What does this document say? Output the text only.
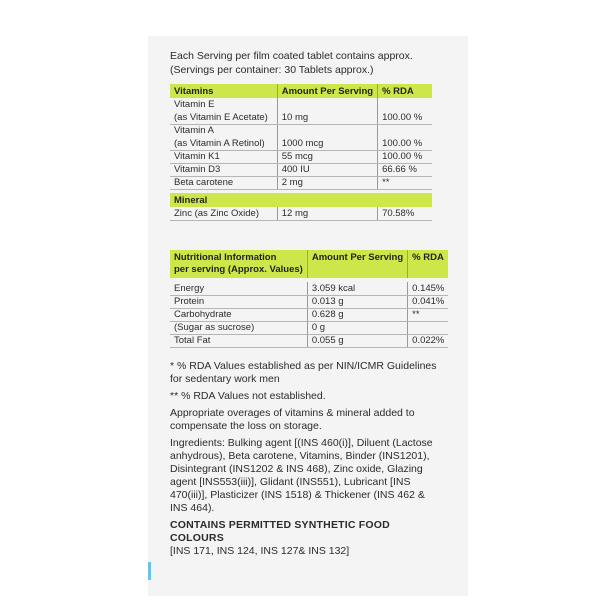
Each Serving per film coated tablet contains approx.
(Servings per container: 30 Tablets approx.)
Vitamins	Amount Per Serving	% RDA
Vitamin E		
(as Vitamin E Acetate)	10 mg	100.00 %
Vitamin A		
(as Vitamin A Retinol)	1000 mcg	100.00 %
Vitamin K1	55 mcg	100.00 %
Vitamin D3	400 IU	66.66 %
Beta carotene	2 mg	**

Mineral		
Zinc (as Zinc Oxide)	12 mg	70.58%
Nutritional Information
per serving (Approx. Values)	Amount Per Serving	% RDA

Energy	3.059 kcal	0.145%
Protein	0.013 g	0.041%
Carbohydrate	0.628 g	**
(Sugar as sucrose)	0 g	
Total Fat	0.055 g	0.022%

* % RDA Values established as per NIN/ICMR Guidelines for sedentary work men

** % RDA Values not established.

Appropriate overages of vitamins & mineral added to compensate the loss on storage.

Ingredients: Bulking agent [(INS 460(i)], Diluent (Lactose anhydrous), Beta carotene, Vitamins, Binder (INS1201), Disintegrant (INS1202 & INS 468), Zinc oxide, Glazing agent [INS553(iii)], Glidant (INS551), Lubricant [INS 470(iii)], Plasticizer (INS 1518) & Thickener (INS 462 & INS 464).

CONTAINS PERMITTED SYNTHETIC FOOD COLOURS
[INS 171, INS 124, INS 127& INS 132]
